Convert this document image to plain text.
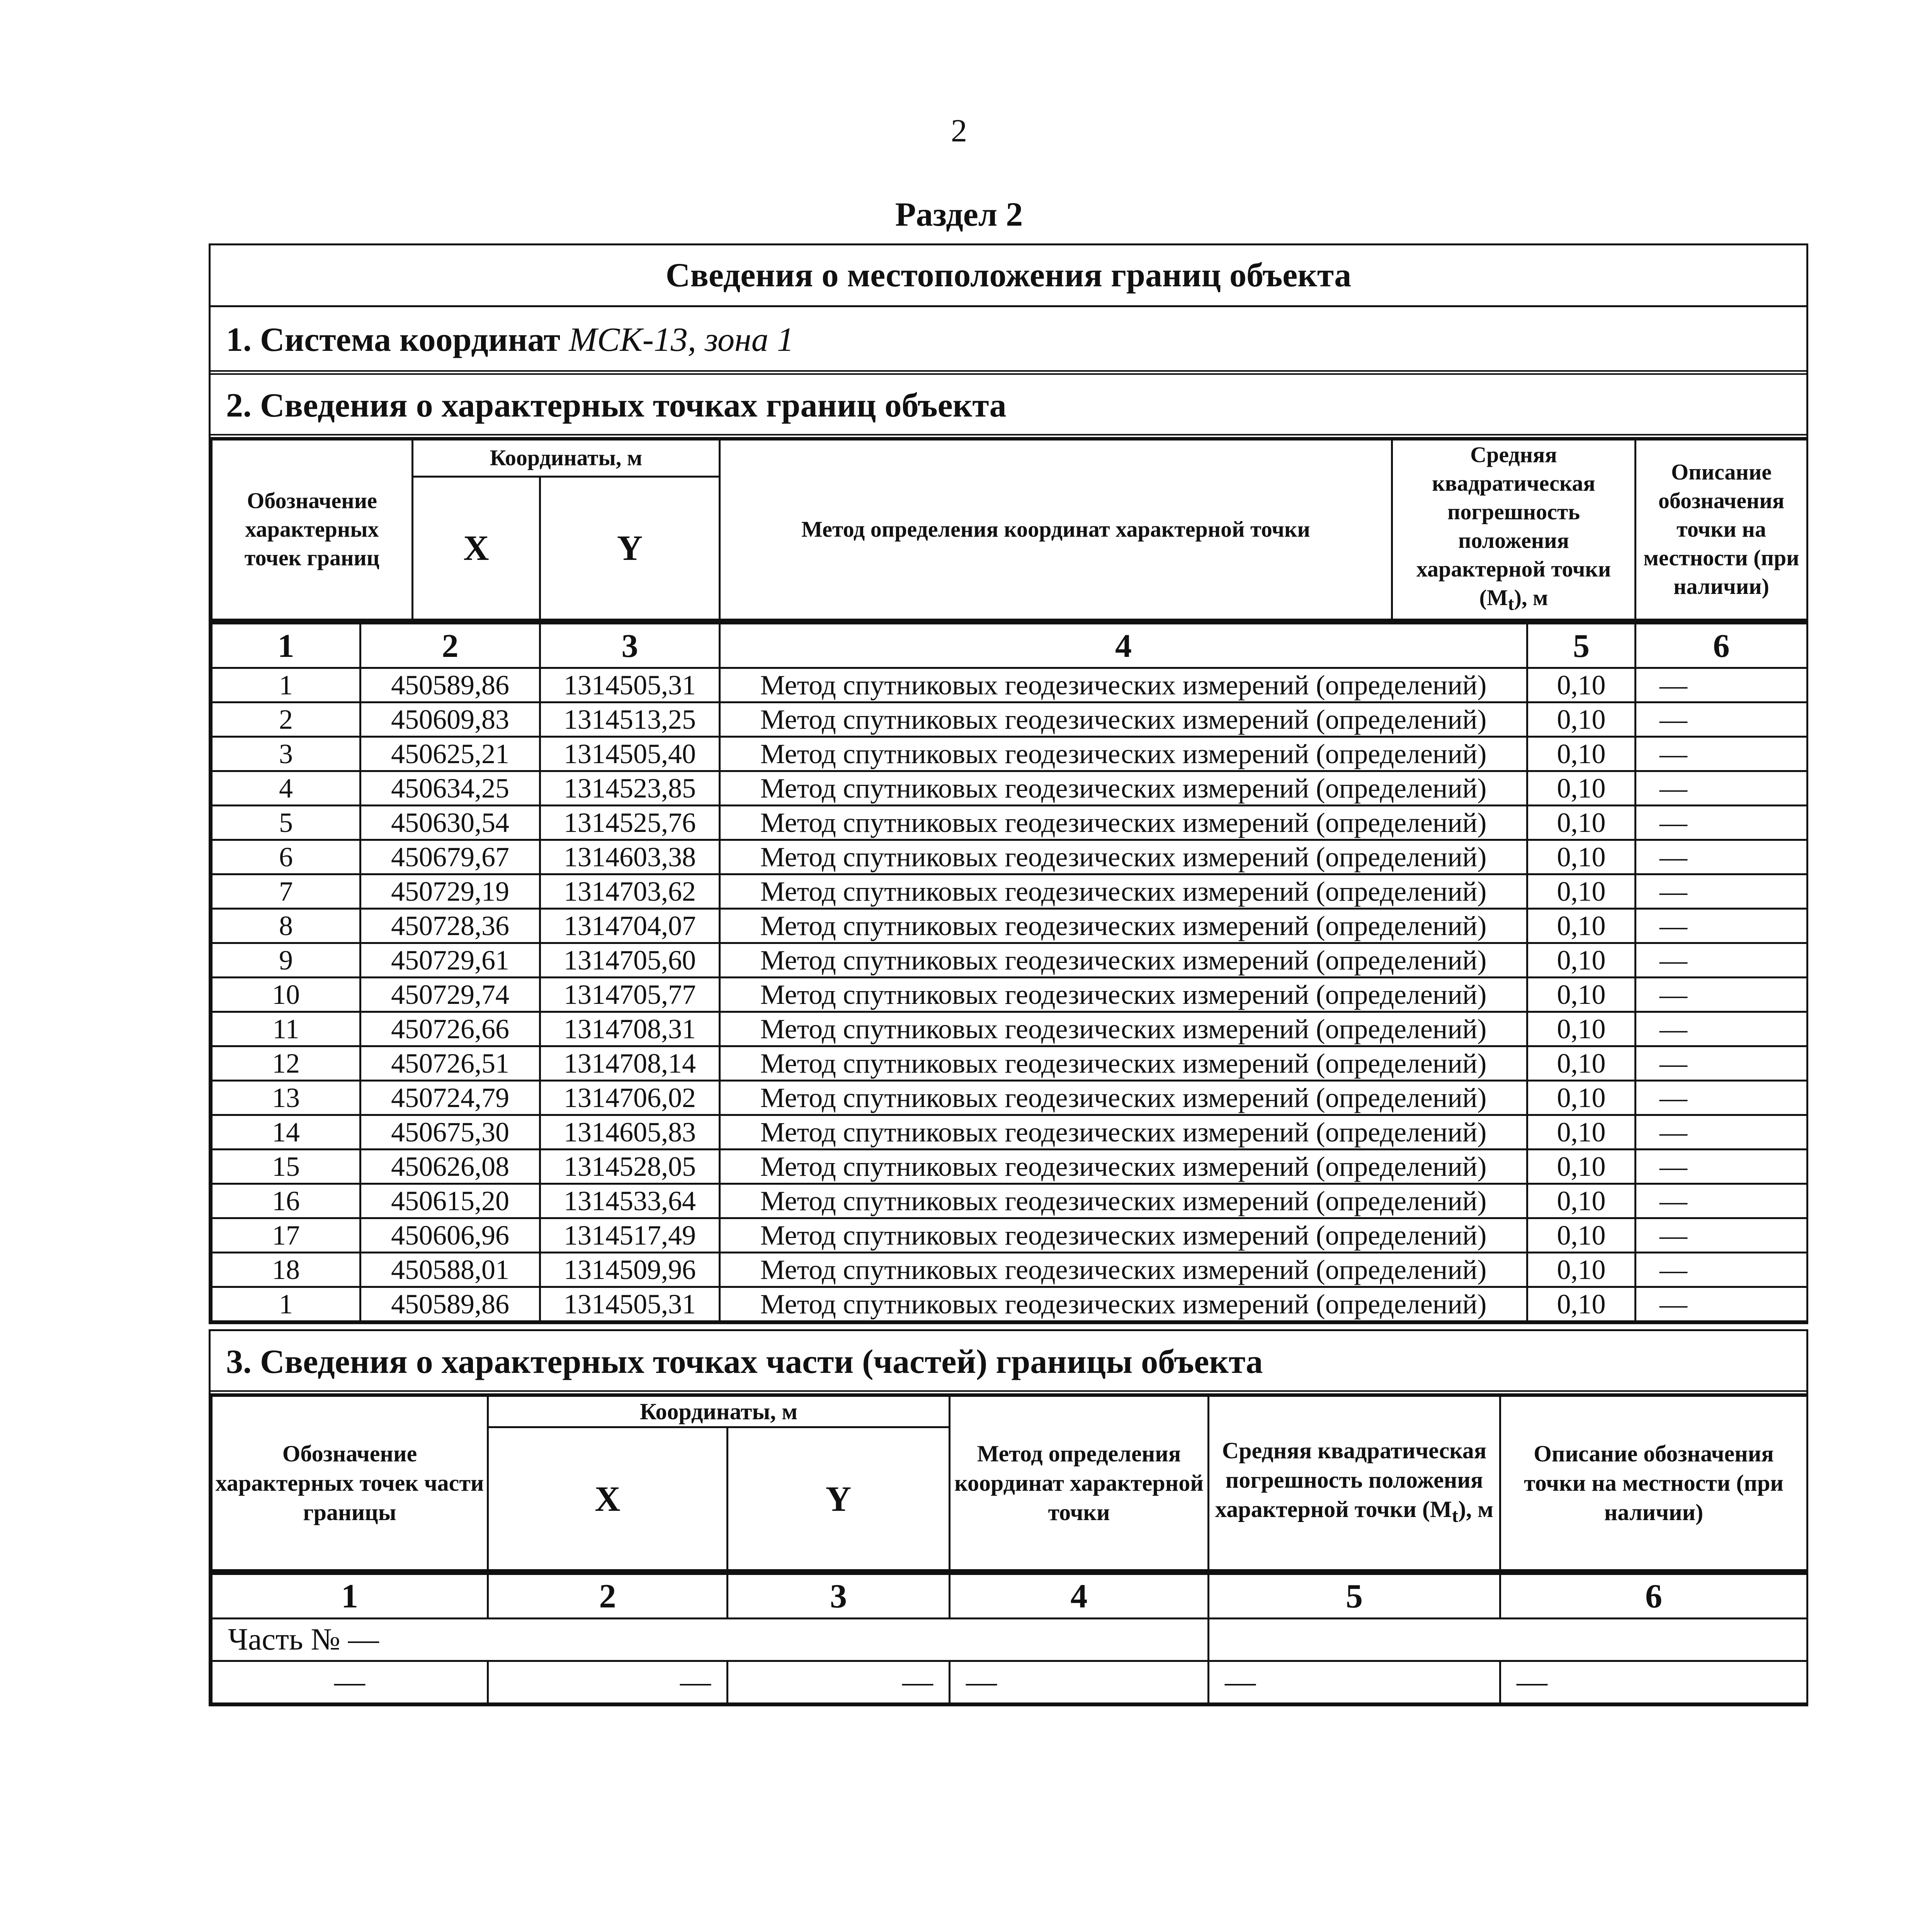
2
Раздел 2
Сведения о местоположения границ объекта
1. Система координат МСК-13, зона 1
2. Сведения о характерных точках границ объекта
Обозначение характерных точек границ	Координаты, м		Метод определения координат характерной точки	Средняя квадратическая погрешность положения характерной точки $(M_t)$, м	Описание обозначения точки на местности (при наличии)
	X	Y			
1	2	3	4	5	6
1	450589,86	1314505,31	Метод спутниковых геодезических измерений (определений)	0,10	—
2	450609,83	1314513,25	Метод спутниковых геодезических измерений (определений)	0,10	—
3	450625,21	1314505,40	Метод спутниковых геодезических измерений (определений)	0,10	—
4	450634,25	1314523,85	Метод спутниковых геодезических измерений (определений)	0,10	—
5	450630,54	1314525,76	Метод спутниковых геодезических измерений (определений)	0,10	—
6	450679,67	1314603,38	Метод спутниковых геодезических измерений (определений)	0,10	—
7	450729,19	1314703,62	Метод спутниковых геодезических измерений (определений)	0,10	—
8	450728,36	1314704,07	Метод спутниковых геодезических измерений (определений)	0,10	—
9	450729,61	1314705,60	Метод спутниковых геодезических измерений (определений)	0,10	—
10	450729,74	1314705,77	Метод спутниковых геодезических измерений (определений)	0,10	—
11	450726,66	1314708,31	Метод спутниковых геодезических измерений (определений)	0,10	—
12	450726,51	1314708,14	Метод спутниковых геодезических измерений (определений)	0,10	—
13	450724,79	1314706,02	Метод спутниковых геодезических измерений (определений)	0,10	—
14	450675,30	1314605,83	Метод спутниковых геодезических измерений (определений)	0,10	—
15	450626,08	1314528,05	Метод спутниковых геодезических измерений (определений)	0,10	—
16	450615,20	1314533,64	Метод спутниковых геодезических измерений (определений)	0,10	—
17	450606,96	1314517,49	Метод спутниковых геодезических измерений (определений)	0,10	—
18	450588,01	1314509,96	Метод спутниковых геодезических измерений (определений)	0,10	—
1	450589,86	1314505,31	Метод спутниковых геодезических измерений (определений)	0,10	—
3. Сведения о характерных точках части (частей) границы объекта
Обозначение характерных точек части границы	Координаты, м		Метод определения координат характерной точки	Средняя квадратическая погрешность положения характерной точки $(M_t)$, м	Описание обозначения точки на местности (при наличии)
	X	Y			
1	2	3	4	5	6
Часть № —					
—	—	—	—	—	—
